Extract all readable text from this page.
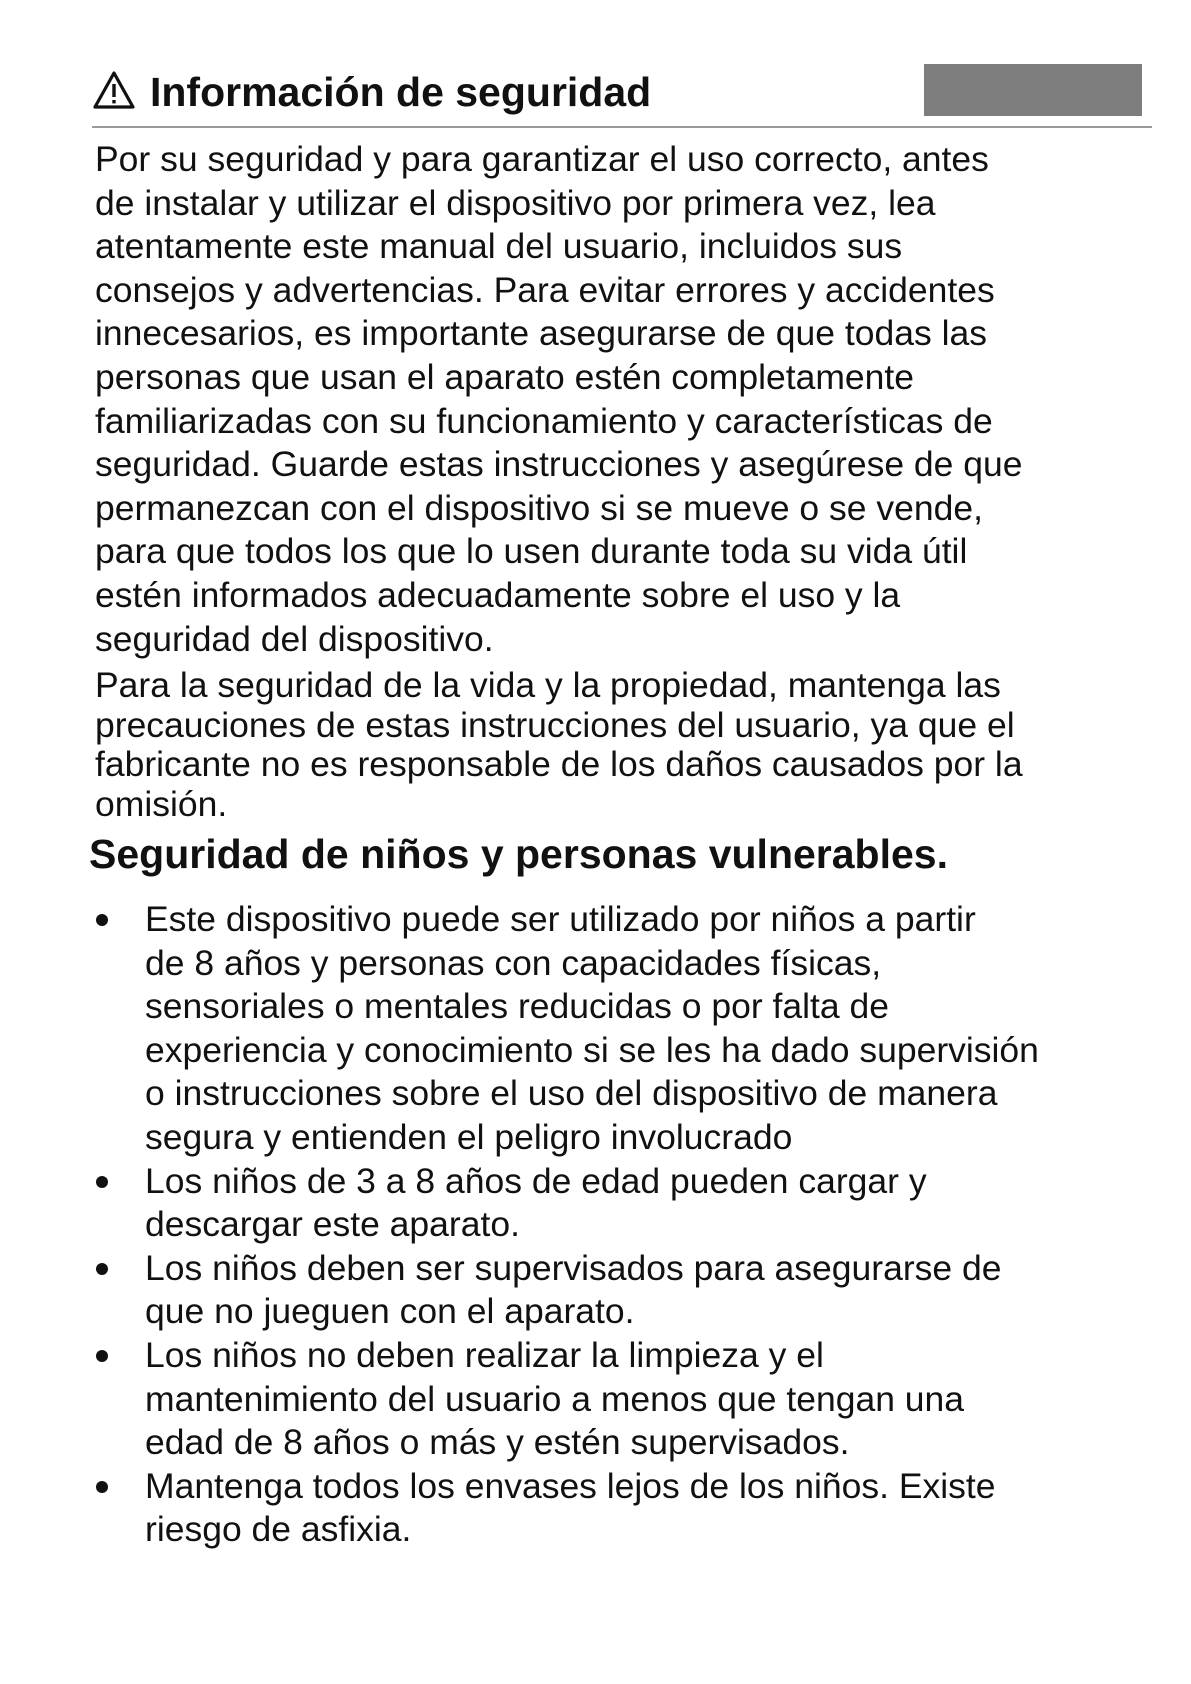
Información de seguridad

Por su seguridad y para garantizar el uso correcto, antes
de instalar y utilizar el dispositivo por primera vez, lea
atentamente este manual del usuario, incluidos sus
consejos y advertencias. Para evitar errores y accidentes
innecesarios, es importante asegurarse de que todas las
personas que usan el aparato estén completamente
familiarizadas con su funcionamiento y características de
seguridad. Guarde estas instrucciones y asegúrese de que
permanezcan con el dispositivo si se mueve o se vende,
para que todos los que lo usen durante toda su vida útil
estén informados adecuadamente sobre el uso y la
seguridad del dispositivo.

Para la seguridad de la vida y la propiedad, mantenga las
precauciones de estas instrucciones del usuario, ya que el
fabricante no es responsable de los daños causados por la
omisión.

Seguridad de niños y personas vulnerables.
Este dispositivo puede ser utilizado por niños a partir
de 8 años y personas con capacidades físicas,
sensoriales o mentales reducidas o por falta de
experiencia y conocimiento si se les ha dado supervisión
o instrucciones sobre el uso del dispositivo de manera
segura y entienden el peligro involucrado
Los niños de 3 a 8 años de edad pueden cargar y
descargar este aparato.
Los niños deben ser supervisados para asegurarse de
que no jueguen con el aparato.
Los niños no deben realizar la limpieza y el
mantenimiento del usuario a menos que tengan una
edad de 8 años o más y estén supervisados.
Mantenga todos los envases lejos de los niños. Existe
riesgo de asfixia.
